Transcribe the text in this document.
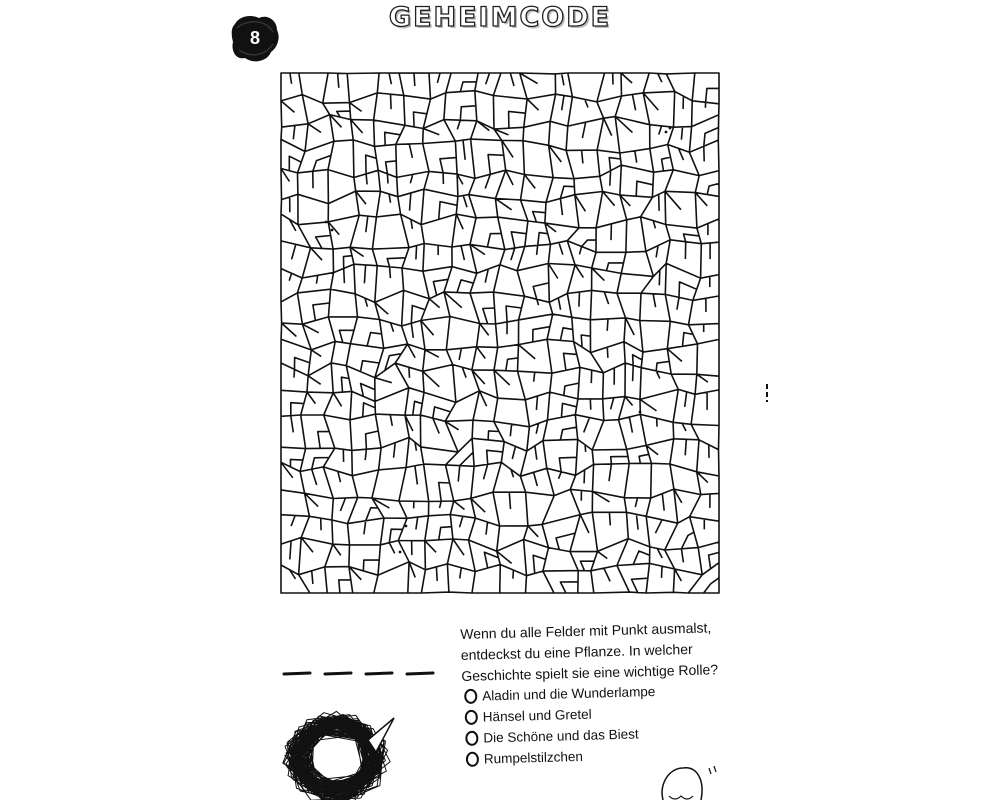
8
GEHEIMCODE
Wenn du alle Felder mit Punkt ausmalst,
entdeckst du eine Pflanze. In welcher
Geschichte spielt sie eine wichtige Rolle?
Aladin und die Wunderlampe
Hänsel und Gretel
Die Schöne und das Biest
Rumpelstilzchen
